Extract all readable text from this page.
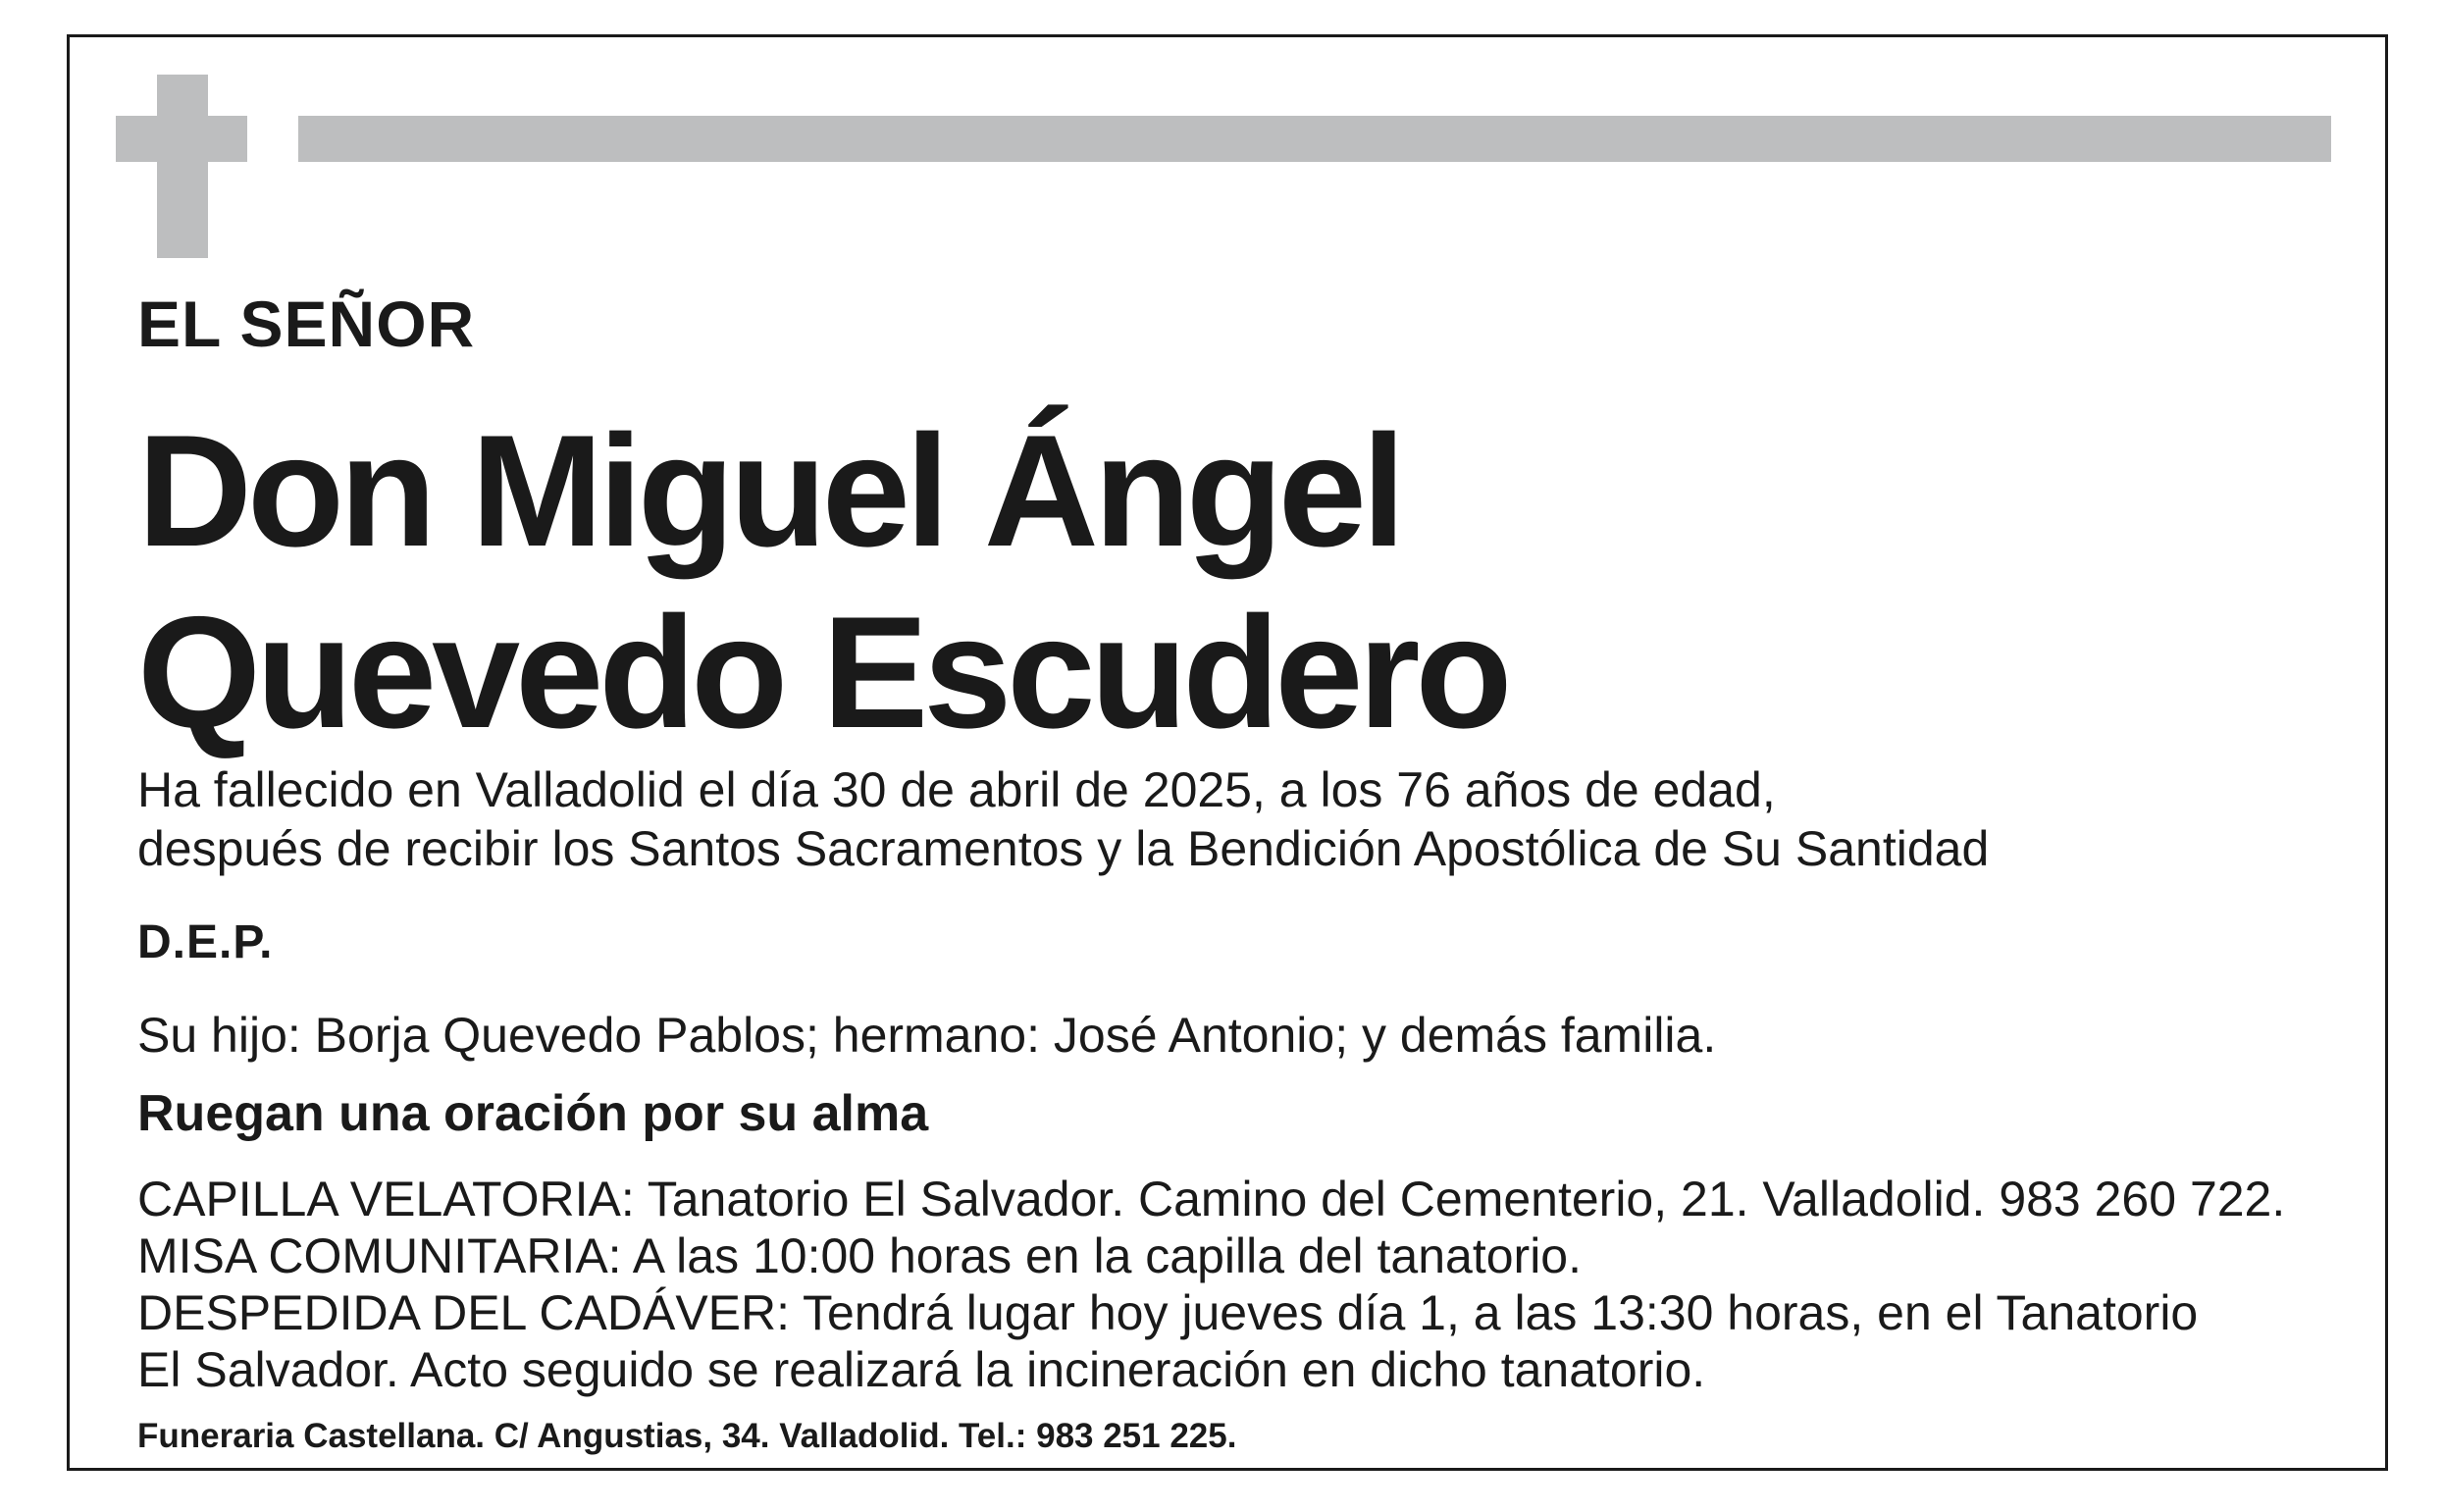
EL SEÑOR

Don Miguel Ángel

Quevedo Escudero

Ha fallecido en Valladolid el día 30 de abril de 2025, a los 76 años de edad,

después de recibir los Santos Sacramentos y la Bendición Apostólica de Su Santidad

D.E.P.

Su hijo: Borja Quevedo Pablos; hermano: José Antonio; y demás familia.

Ruegan una oración por su alma

CAPILLA VELATORIA: Tanatorio El Salvador. Camino del Cementerio, 21. Valladolid. 983 260 722.

MISA COMUNITARIA: A las 10:00 horas en la capilla del tanatorio.

DESPEDIDA DEL CADÁVER: Tendrá lugar hoy jueves día 1, a las 13:30 horas, en el Tanatorio

El Salvador. Acto seguido se realizará la incineración en dicho tanatorio.

Funeraria Castellana. C/ Angustias, 34. Valladolid. Tel.: 983 251 225.
